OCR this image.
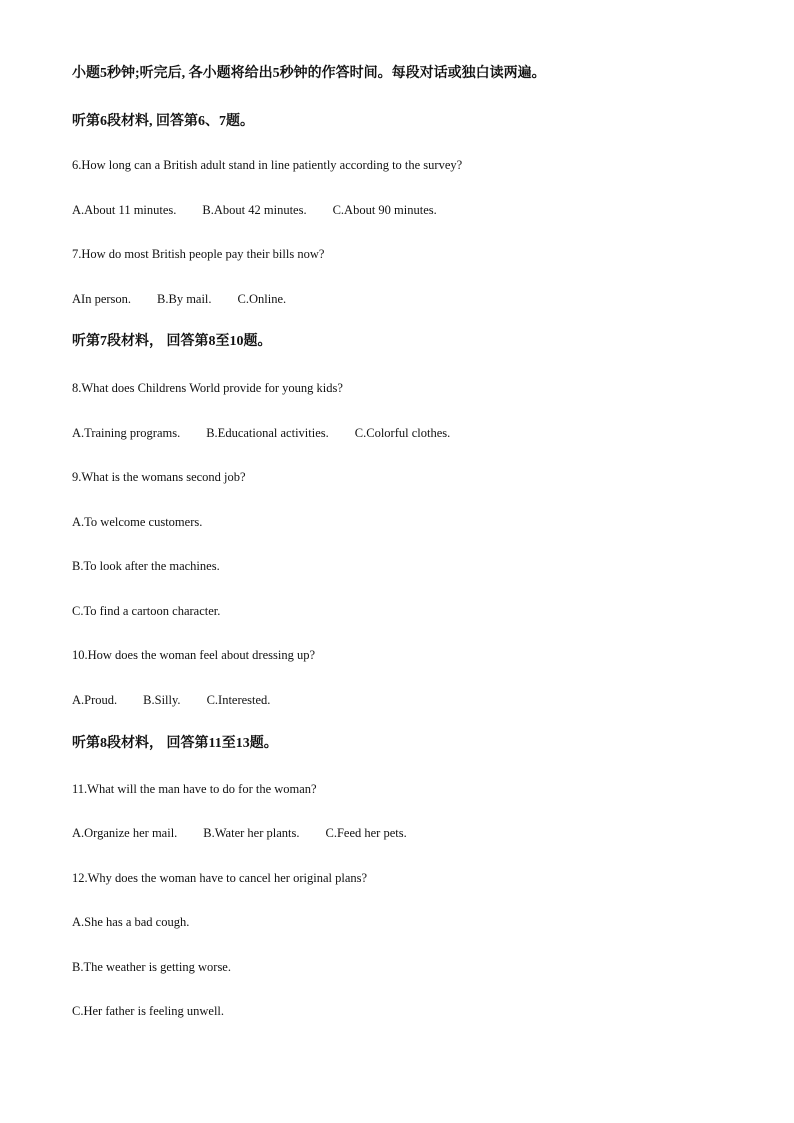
小题5秒钟;听完后, 各小题将给出5秒钟的作答时间。每段对话或独白读两遍。
听第6段材料, 回答第6、7题。
6.How long can a British adult stand in line patiently according to the survey?
A.About 11 minutes. B.About 42 minutes. C.About 90 minutes.
7.How do most British people pay their bills now?
AIn person. B.By mail. C.Online.
听第7段材料， 回答第8至10题。
8.What does Childrens World provide for young kids?
A.Training programs. B.Educational activities. C.Colorful clothes.
9.What is the womans second job?
A.To welcome customers.
B.To look after the machines.
C.To find a cartoon character.
10.How does the woman feel about dressing up?
A.Proud. B.Silly. C.Interested.
听第8段材料， 回答第11至13题。
11.What will the man have to do for the woman?
A.Organize her mail. B.Water her plants. C.Feed her pets.
12.Why does the woman have to cancel her original plans?
A.She has a bad cough.
B.The weather is getting worse.
C.Her father is feeling unwell.
